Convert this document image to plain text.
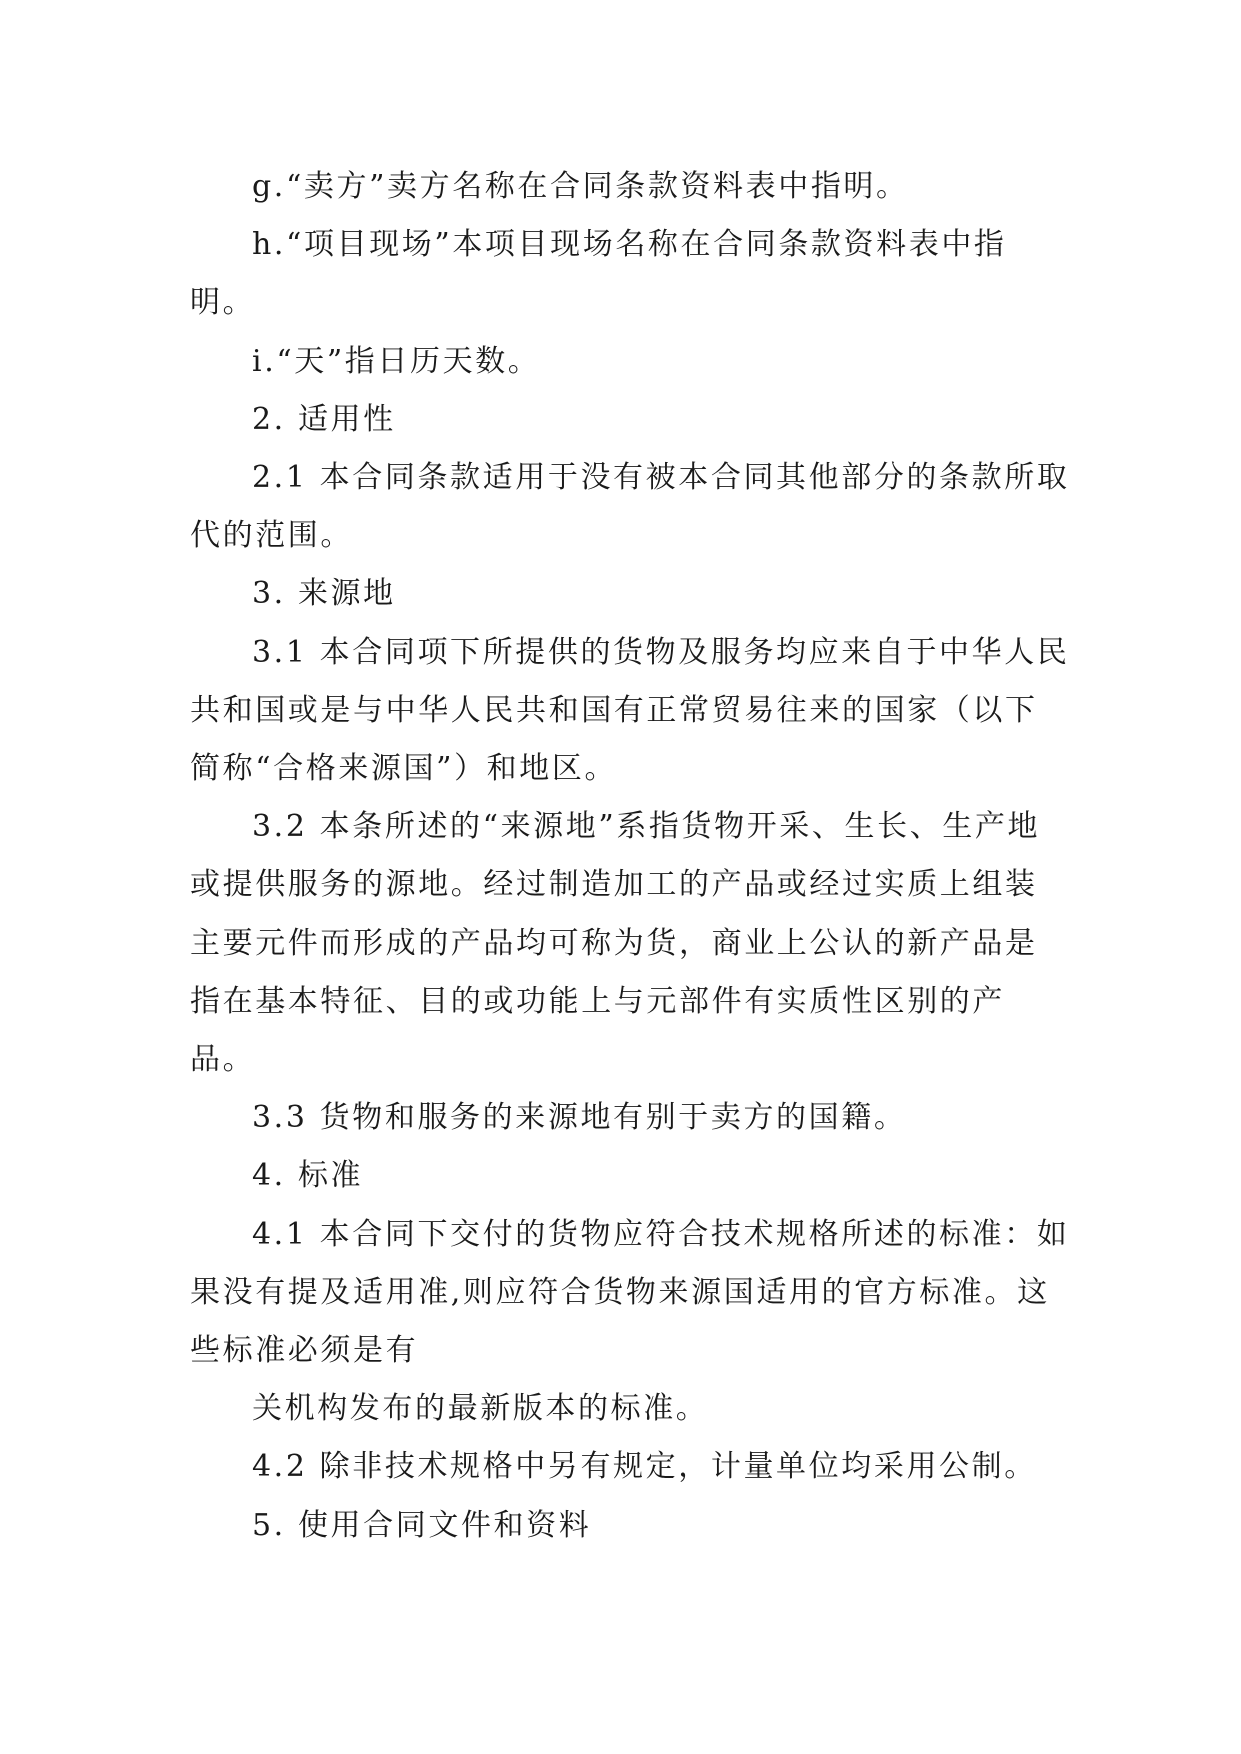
g.“卖方”卖方名称在合同条款资料表中指明。

h.“项目现场”本项目现场名称在合同条款资料表中指明。

i.“天”指日历天数。

2. 适用性

2.1 本合同条款适用于没有被本合同其他部分的条款所取代的范围。

3. 来源地

3.1 本合同项下所提供的货物及服务均应来自于中华人民共和国或是与中华人民共和国有正常贸易往来的国家（以下简称“合格来源国”）和地区。

3.2 本条所述的“来源地”系指货物开采、生长、生产地或提供服务的源地。经过制造加工的产品或经过实质上组装主要元件而形成的产品均可称为货，商业上公认的新产品是指在基本特征、目的或功能上与元部件有实质性区别的产品。

3.3 货物和服务的来源地有别于卖方的国籍。

4. 标准

4.1 本合同下交付的货物应符合技术规格所述的标准：如果没有提及适用准,则应符合货物来源国适用的官方标准。这些标准必须是有

关机构发布的最新版本的标准。

4.2 除非技术规格中另有规定，计量单位均采用公制。

5. 使用合同文件和资料
